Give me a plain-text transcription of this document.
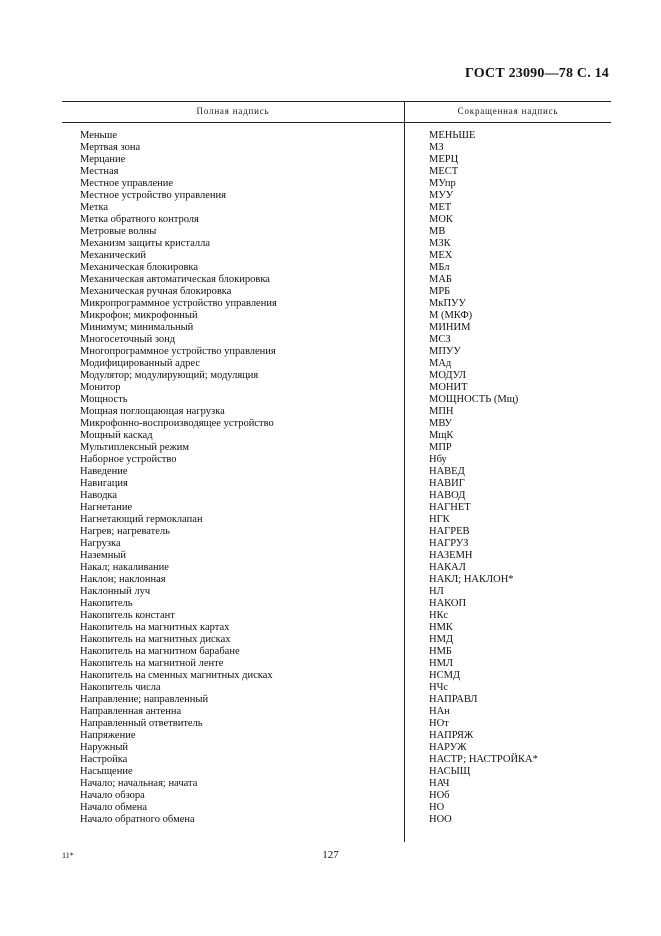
ГОСТ 23090—78 С. 14
Полная надпись	Сокращенная надпись
Меньше	МЕНЬШЕ
Мертвая зона	МЗ
Мерцание	МЕРЦ
Местная	МЕСТ
Местное управление	МУпр
Местное устройство управления	МУУ
Метка	МЕТ
Метка обратного контроля	МОК
Метровые волны	МВ
Механизм защиты кристалла	МЗК
Механический	МЕХ
Механическая блокировка	МБл
Механическая автоматическая блокировка	МАБ
Механическая ручная блокировка	МРБ
Микропрограммное устройство управления	МкПУУ
Микрофон; микрофонный	М (МКФ)
Минимум; минимальный	МИНИМ
Многосеточный зонд	МСЗ
Многопрограммное устройство управления	МПУУ
Модифицированный адрес	МАд
Модулятор; модулирующий; модуляция	МОДУЛ
Монитор	МОНИТ
Мощность	МОЩНОСТЬ (Мщ)
Мощная поглощающая нагрузка	МПН
Микрофонно-воспроизводящее устройство	МВУ
Мощный каскад	МщК
Мультиплексный режим	МПР
Наборное устройство	Нбу
Наведение	НАВЕД
Навигация	НАВИГ
Наводка	НАВОД
Нагнетание	НАГНЕТ
Нагнетающий гермоклапан	НГК
Нагрев; нагреватель	НАГРЕВ
Нагрузка	НАГРУЗ
Наземный	НАЗЕМН
Накал; накаливание	НАКАЛ
Наклон; наклонная	НАКЛ; НАКЛОН*
Наклонный луч	НЛ
Накопитель	НАКОП
Накопитель констант	НКс
Накопитель на магнитных картах	НМК
Накопитель на магнитных дисках	НМД
Накопитель на магнитном барабане	НМБ
Накопитель на магнитной ленте	НМЛ
Накопитель на сменных магнитных дисках	НСМД
Накопитель числа	НЧс
Направление; направленный	НАПРАВЛ
Направленная антенна	НАн
Направленный ответвитель	НОт
Напряжение	НАПРЯЖ
Наружный	НАРУЖ
Настройка	НАСТР; НАСТРОЙКА*
Насыщение	НАСЫЩ
Начало; начальная; начата	НАЧ
Начало обзора	НОб
Начало обмена	НО
Начало обратного обмена	НОО
11*	127
